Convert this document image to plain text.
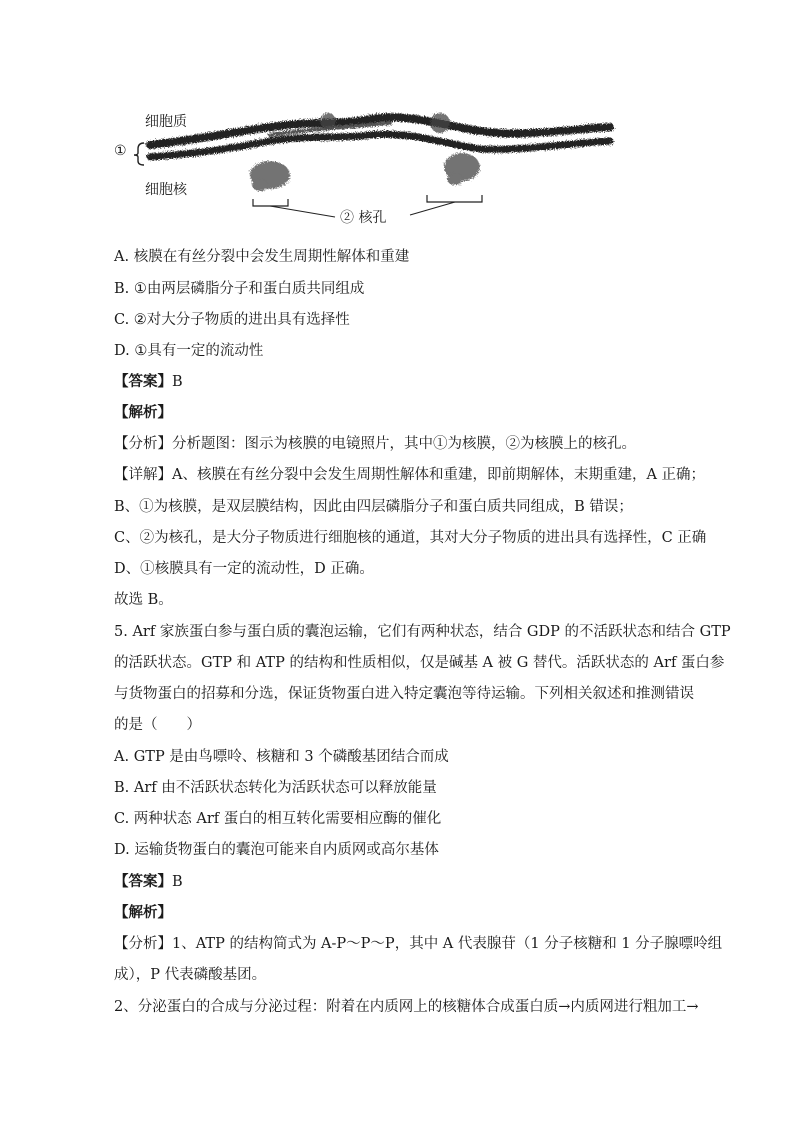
细胞质
细胞核
①
② 核孔
A. 核膜在有丝分裂中会发生周期性解体和重建
B. ①由两层磷脂分子和蛋白质共同组成
C. ②对大分子物质的进出具有选择性
D. ①具有一定的流动性
【答案】B
【解析】
【分析】分析题图：图示为核膜的电镜照片，其中①为核膜，②为核膜上的核孔。
【详解】A、核膜在有丝分裂中会发生周期性解体和重建，即前期解体，末期重建，A 正确；
B、①为核膜，是双层膜结构，因此由四层磷脂分子和蛋白质共同组成，B 错误；
C、②为核孔，是大分子物质进行细胞核的通道，其对大分子物质的进出具有选择性，C 正确
D、①核膜具有一定的流动性，D 正确。
故选 B。
5. Arf 家族蛋白参与蛋白质的囊泡运输，它们有两种状态，结合 GDP 的不活跃状态和结合 GTP
的活跃状态。GTP 和 ATP 的结构和性质相似，仅是碱基 A 被 G 替代。活跃状态的 Arf 蛋白参
与货物蛋白的招募和分选，保证货物蛋白进入特定囊泡等待运输。下列相关叙述和推测错误
的是（　　）
A. GTP 是由鸟嘌呤、核糖和 3 个磷酸基团结合而成
B. Arf 由不活跃状态转化为活跃状态可以释放能量
C. 两种状态 Arf 蛋白的相互转化需要相应酶的催化
D. 运输货物蛋白的囊泡可能来自内质网或高尔基体
【答案】B
【解析】
【分析】1、ATP 的结构简式为 A-P～P～P，其中 A 代表腺苷（1 分子核糖和 1 分子腺嘌呤组
成），P 代表磷酸基团。
2、分泌蛋白的合成与分泌过程：附着在内质网上的核糖体合成蛋白质→内质网进行粗加工→
